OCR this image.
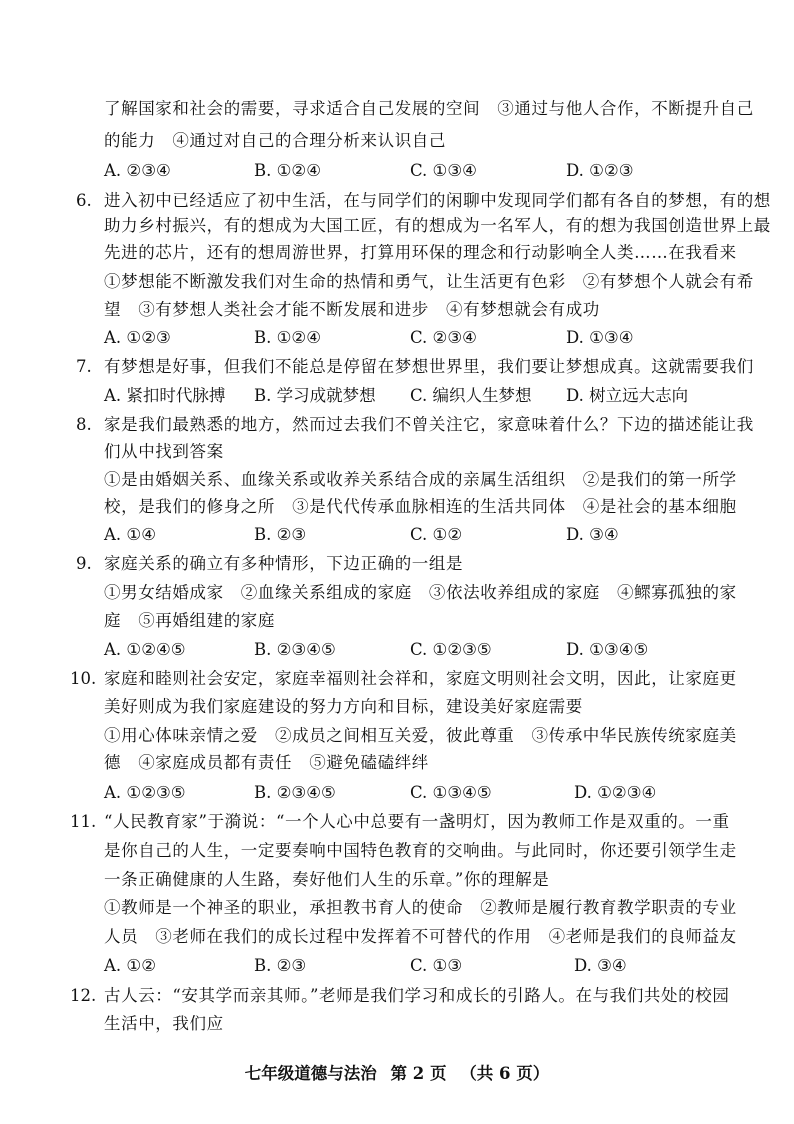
了解国家和社会的需要，寻求适合自己发展的空间　③通过与他人合作，不断提升自己
的能力　④通过对自己的合理分析来认识自己
A. ②③④	B. ①②④	C. ①③④	D. ①②③
6. 进入初中已经适应了初中生活，在与同学们的闲聊中发现同学们都有各自的梦想，有的想
助力乡村振兴，有的想成为大国工匠，有的想成为一名军人，有的想为我国创造世界上最
先进的芯片，还有的想周游世界，打算用环保的理念和行动影响全人类……在我看来
①梦想能不断激发我们对生命的热情和勇气，让生活更有色彩　②有梦想个人就会有希
望　③有梦想人类社会才能不断发展和进步　④有梦想就会有成功
A. ①②③	B. ①②④	C. ②③④	D. ①③④
7. 有梦想是好事，但我们不能总是停留在梦想世界里，我们要让梦想成真。这就需要我们
A. 紧扣时代脉搏 B. 学习成就梦想 C. 编织人生梦想 D. 树立远大志向
8. 家是我们最熟悉的地方，然而过去我们不曾关注它，家意味着什么？下边的描述能让我
们从中找到答案
①是由婚姻关系、血缘关系或收养关系结合成的亲属生活组织　②是我们的第一所学
校，是我们的修身之所　③是代代传承血脉相连的生活共同体　④是社会的基本细胞
A. ①④	B. ②③	C. ①②	D. ③④
9. 家庭关系的确立有多种情形，下边正确的一组是
①男女结婚成家　②血缘关系组成的家庭　③依法收养组成的家庭　④鳏寡孤独的家
庭　⑤再婚组建的家庭
A. ①②④⑤	B. ②③④⑤	C. ①②③⑤	D. ①③④⑤
10. 家庭和睦则社会安定，家庭幸福则社会祥和，家庭文明则社会文明，因此，让家庭更
美好则成为我们家庭建设的努力方向和目标，建设美好家庭需要
①用心体味亲情之爱　②成员之间相互关爱，彼此尊重　③传承中华民族传统家庭美
德　④家庭成员都有责任　⑤避免磕磕绊绊
A. ①②③⑤	B. ②③④⑤	C. ①③④⑤	D. ①②③④
11. “人民教育家”于漪说：“一个人心中总要有一盏明灯，因为教师工作是双重的。一重
是你自己的人生，一定要奏响中国特色教育的交响曲。与此同时，你还要引领学生走
一条正确健康的人生路，奏好他们人生的乐章。”你的理解是
①教师是一个神圣的职业，承担教书育人的使命　②教师是履行教育教学职责的专业
人员　③老师在我们的成长过程中发挥着不可替代的作用　④老师是我们的良师益友
A. ①②	B. ②③	C. ①③	D. ③④
12. 古人云：“安其学而亲其师。”老师是我们学习和成长的引路人。在与我们共处的校园
生活中，我们应
七年级道德与法治 第 2 页 （共 6 页）
